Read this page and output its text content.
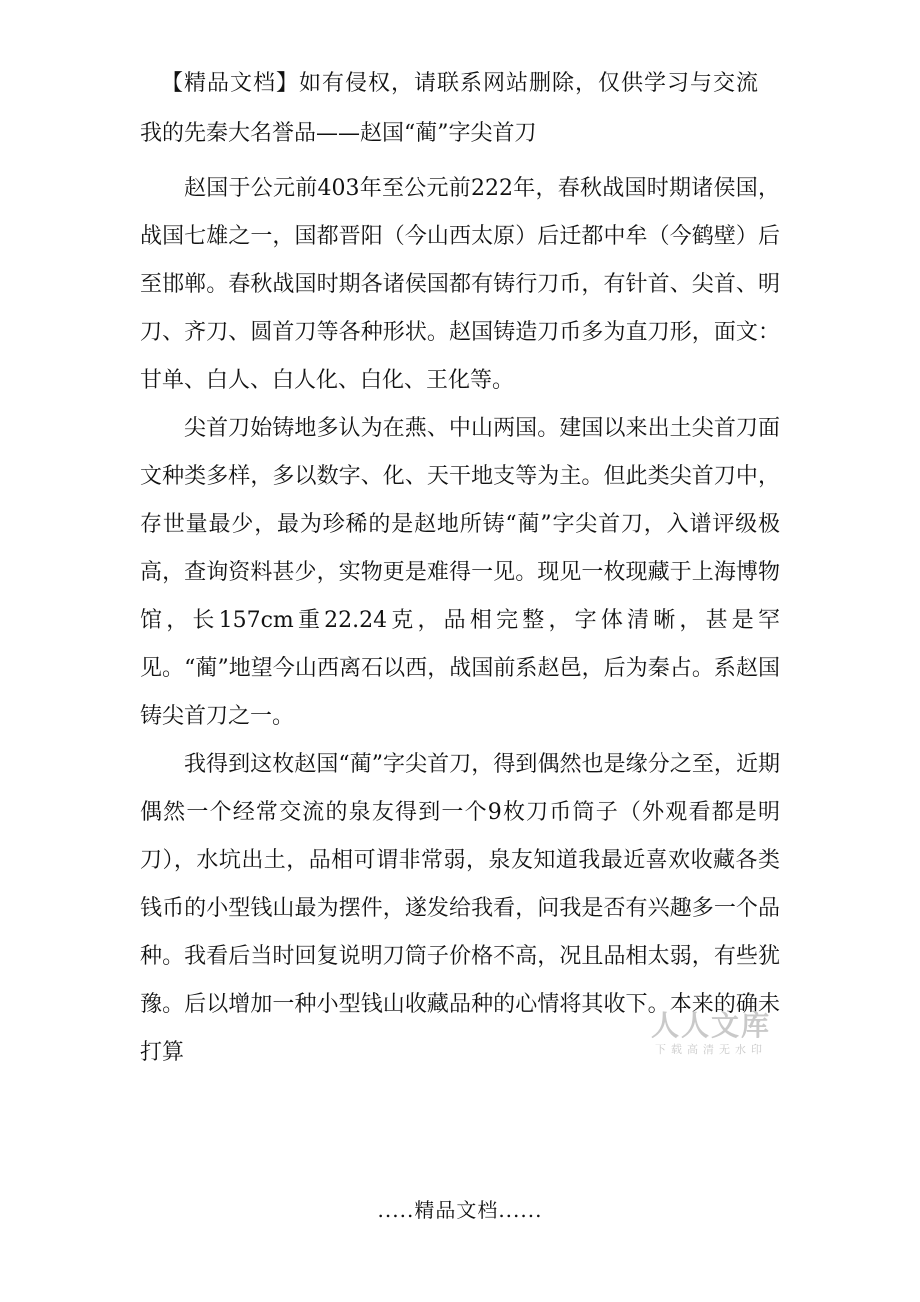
【精品文档】如有侵权，请联系网站删除，仅供学习与交流
我的先秦大名誉品——赵国“蔺”字尖首刀

赵国于公元前403年至公元前222年，春秋战国时期诸侯国，战国七雄之一，国都晋阳（今山西太原）后迁都中牟（今鹤壁）后至邯郸。春秋战国时期各诸侯国都有铸行刀币，有针首、尖首、明刀、齐刀、圆首刀等各种形状。赵国铸造刀币多为直刀形，面文：甘单、白人、白人化、白化、王化等。

尖首刀始铸地多认为在燕、中山两国。建国以来出土尖首刀面文种类多样，多以数字、化、天干地支等为主。但此类尖首刀中，存世量最少，最为珍稀的是赵地所铸“蔺”字尖首刀，入谱评级极高，查询资料甚少，实物更是难得一见。现见一枚现藏于上海博物馆，长157cm重22.24克，品相完整，字体清晰，甚是罕见。“蔺”地望今山西离石以西，战国前系赵邑，后为秦占。系赵国铸尖首刀之一。

我得到这枚赵国“蔺”字尖首刀，得到偶然也是缘分之至，近期偶然一个经常交流的泉友得到一个9枚刀币筒子（外观看都是明刀），水坑出土，品相可谓非常弱，泉友知道我最近喜欢收藏各类钱币的小型钱山最为摆件，遂发给我看，问我是否有兴趣多一个品种。我看后当时回复说明刀筒子价格不高，况且品相太弱，有些犹豫。后以增加一种小型钱山收藏品种的心情将其收下。本来的确未打算

人人文库
下载高清无水印
.....精品文档......
